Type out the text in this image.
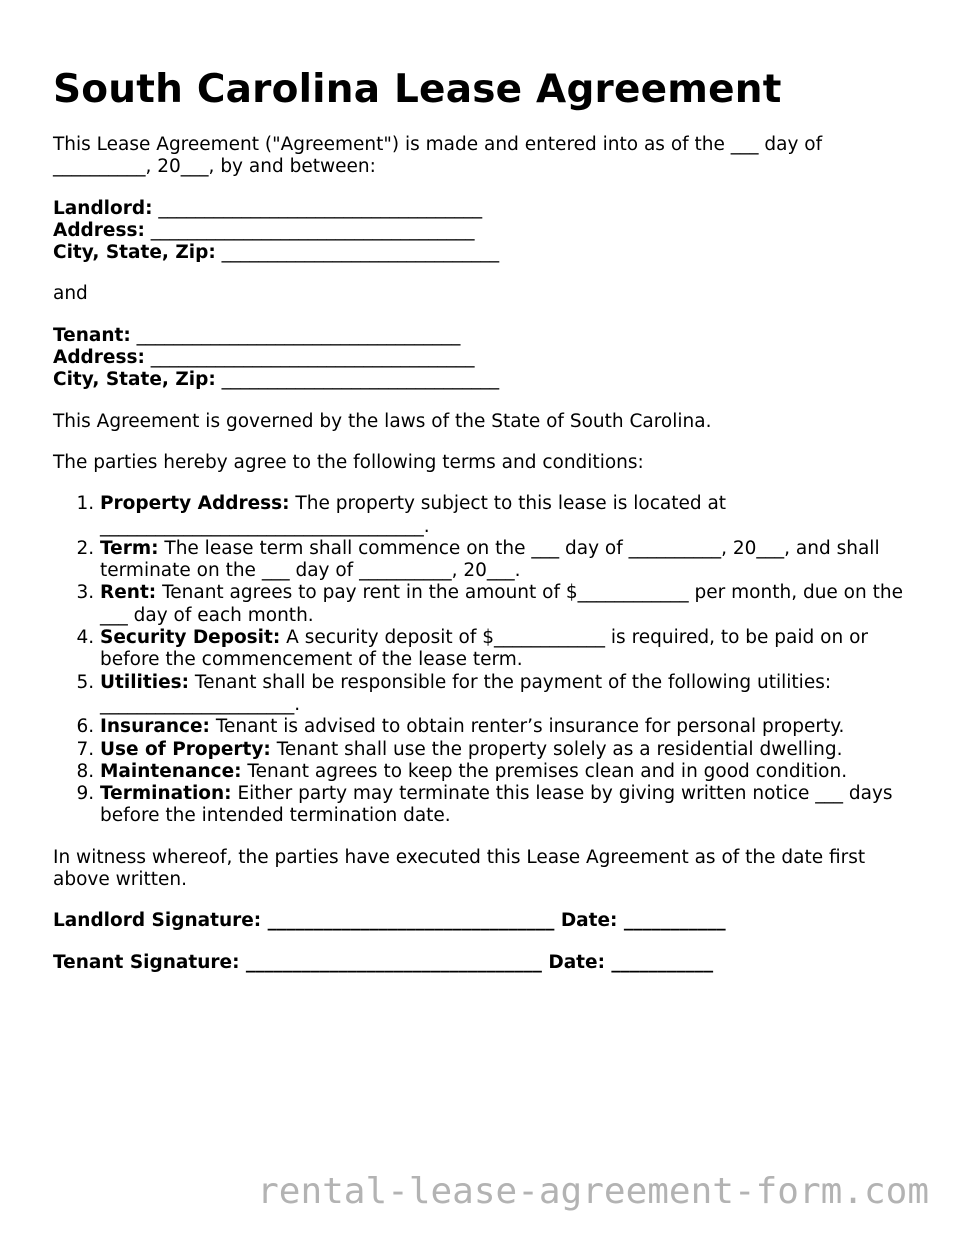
South Carolina Lease Agreement

This Lease Agreement ("Agreement") is made and entered into as of the ___ day of __________, 20___, by and between:

Landlord: ___________________________________
Address: ___________________________________
City, State, Zip: ______________________________

and

Tenant: ___________________________________
Address: ___________________________________
City, State, Zip: ______________________________

This Agreement is governed by the laws of the State of South Carolina.

The parties hereby agree to the following terms and conditions:

1. Property Address: The property subject to this lease is located at ___________________________________.
2. Term: The lease term shall commence on the ___ day of __________, 20___, and shall terminate on the ___ day of __________, 20___.
3. Rent: Tenant agrees to pay rent in the amount of $____________ per month, due on the ___ day of each month.
4. Security Deposit: A security deposit of $____________ is required, to be paid on or before the commencement of the lease term.
5. Utilities: Tenant shall be responsible for the payment of the following utilities: _____________________.
6. Insurance: Tenant is advised to obtain renter’s insurance for personal property.
7. Use of Property: Tenant shall use the property solely as a residential dwelling.
8. Maintenance: Tenant agrees to keep the premises clean and in good condition.
9. Termination: Either party may terminate this lease by giving written notice ___ days before the intended termination date.

In witness whereof, the parties have executed this Lease Agreement as of the date first above written.

Landlord Signature: _______________________________ Date: ___________
Tenant Signature: ________________________________ Date: ___________
rental-lease-agreement-form.com
